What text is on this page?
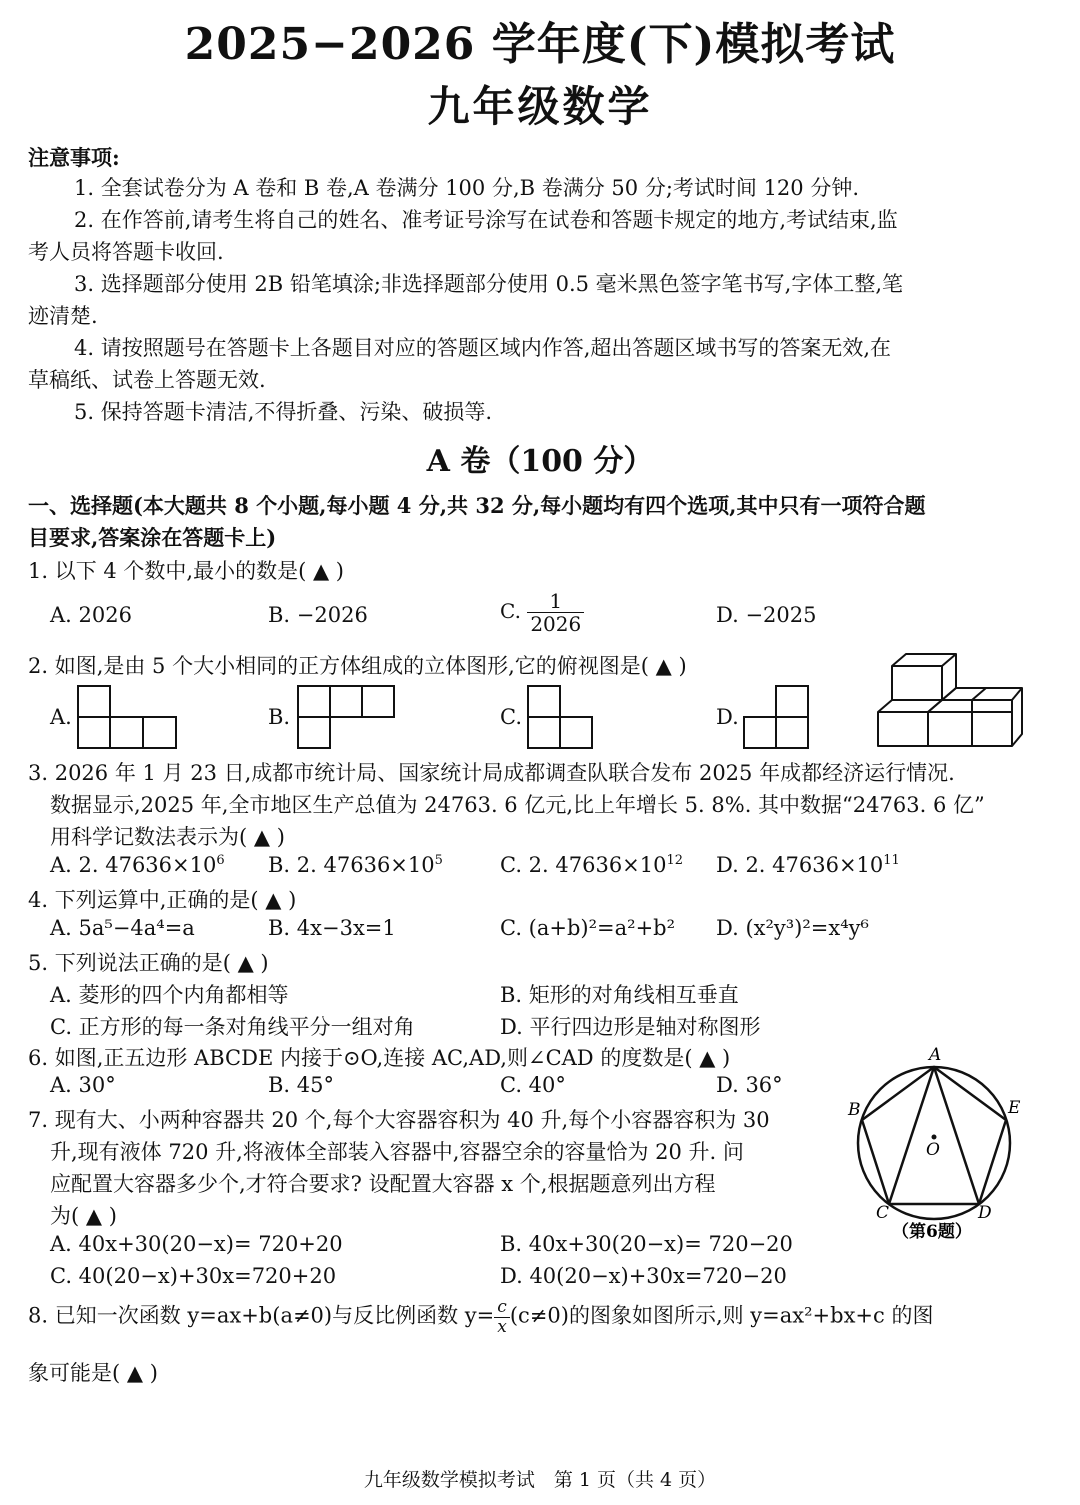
2025−2026 学年度(下)模拟考试
九年级数学
注意事项:
1. 全套试卷分为 A 卷和 B 卷,A 卷满分 100 分,B 卷满分 50 分;考试时间 120 分钟.
2. 在作答前,请考生将自己的姓名、准考证号涂写在试卷和答题卡规定的地方,考试结束,监
考人员将答题卡收回.
3. 选择题部分使用 2B 铅笔填涂;非选择题部分使用 0.5 毫米黑色签字笔书写,字体工整,笔
迹清楚.
4. 请按照题号在答题卡上各题目对应的答题区域内作答,超出答题区域书写的答案无效,在
草稿纸、试卷上答题无效.
5. 保持答题卡清洁,不得折叠、污染、破损等.
A 卷（100 分）
一、选择题(本大题共 8 个小题,每小题 4 分,共 32 分,每小题均有四个选项,其中只有一项符合题
目要求,答案涂在答题卡上)
1. 以下 4 个数中,最小的数是( ▲ )
A. 2026	B. −2026	C. $\frac{1}{2026}$	D. −2025
2. 如图,是由 5 个大小相同的正方体组成的立体图形,它的俯视图是( ▲ )
A.	B.	C.	D.
3. 2026 年 1 月 23 日,成都市统计局、国家统计局成都调查队联合发布 2025 年成都经济运行情况.
数据显示,2025 年,全市地区生产总值为 24763. 6 亿元,比上年增长 5. 8%. 其中数据“24763. 6 亿”
用科学记数法表示为( ▲ )
A. 2. $47636\times 10^6$ B. 2. $47636\times 10^5$	C. 2. $47636\times 10^{12}$ D. 2. $47636\times 10^{11}$
4. 下列运算中,正确的是( ▲ )
A. 5a⁵−4a⁴=a	B. 4x−3x=1	C. (a+b)²=a²+b² D. (x²y³)²=x⁴y⁶
5. 下列说法正确的是( ▲ )
A. 菱形的四个内角都相等	B. 矩形的对角线相互垂直
C. 正方形的每一条对角线平分一组对角	D. 平行四边形是轴对称图形
6. 如图,正五边形 ABCDE 内接于⊙O,连接 AC,AD,则∠CAD 的度数是( ▲ )
A. 30°	B. 45°	C. 40°	D. 36°
A
B	E
C	D
O
（第6题）
7. 现有大、小两种容器共 20 个,每个大容器容积为 40 升,每个小容器容积为 30
升,现有液体 720 升,将液体全部装入容器中,容器空余的容量恰为 20 升. 问
应配置大容器多少个,才符合要求? 设配置大容器 x 个,根据题意列出方程
为( ▲ )
A. 40x+30(20−x)= 720+20	B. 40x+30(20−x)= 720−20
C. 40(20−x)+30x=720+20	D. 40(20−x)+30x=720−20
8. 已知一次函数 y=ax+b(a≠0)与反比例函数 $y= \frac{c}{x} (c\ne 0)$的图象如图所示,则 y=ax²+bx+c 的图
象可能是( ▲ )
九年级数学模拟考试　第 1 页（共 4 页）
